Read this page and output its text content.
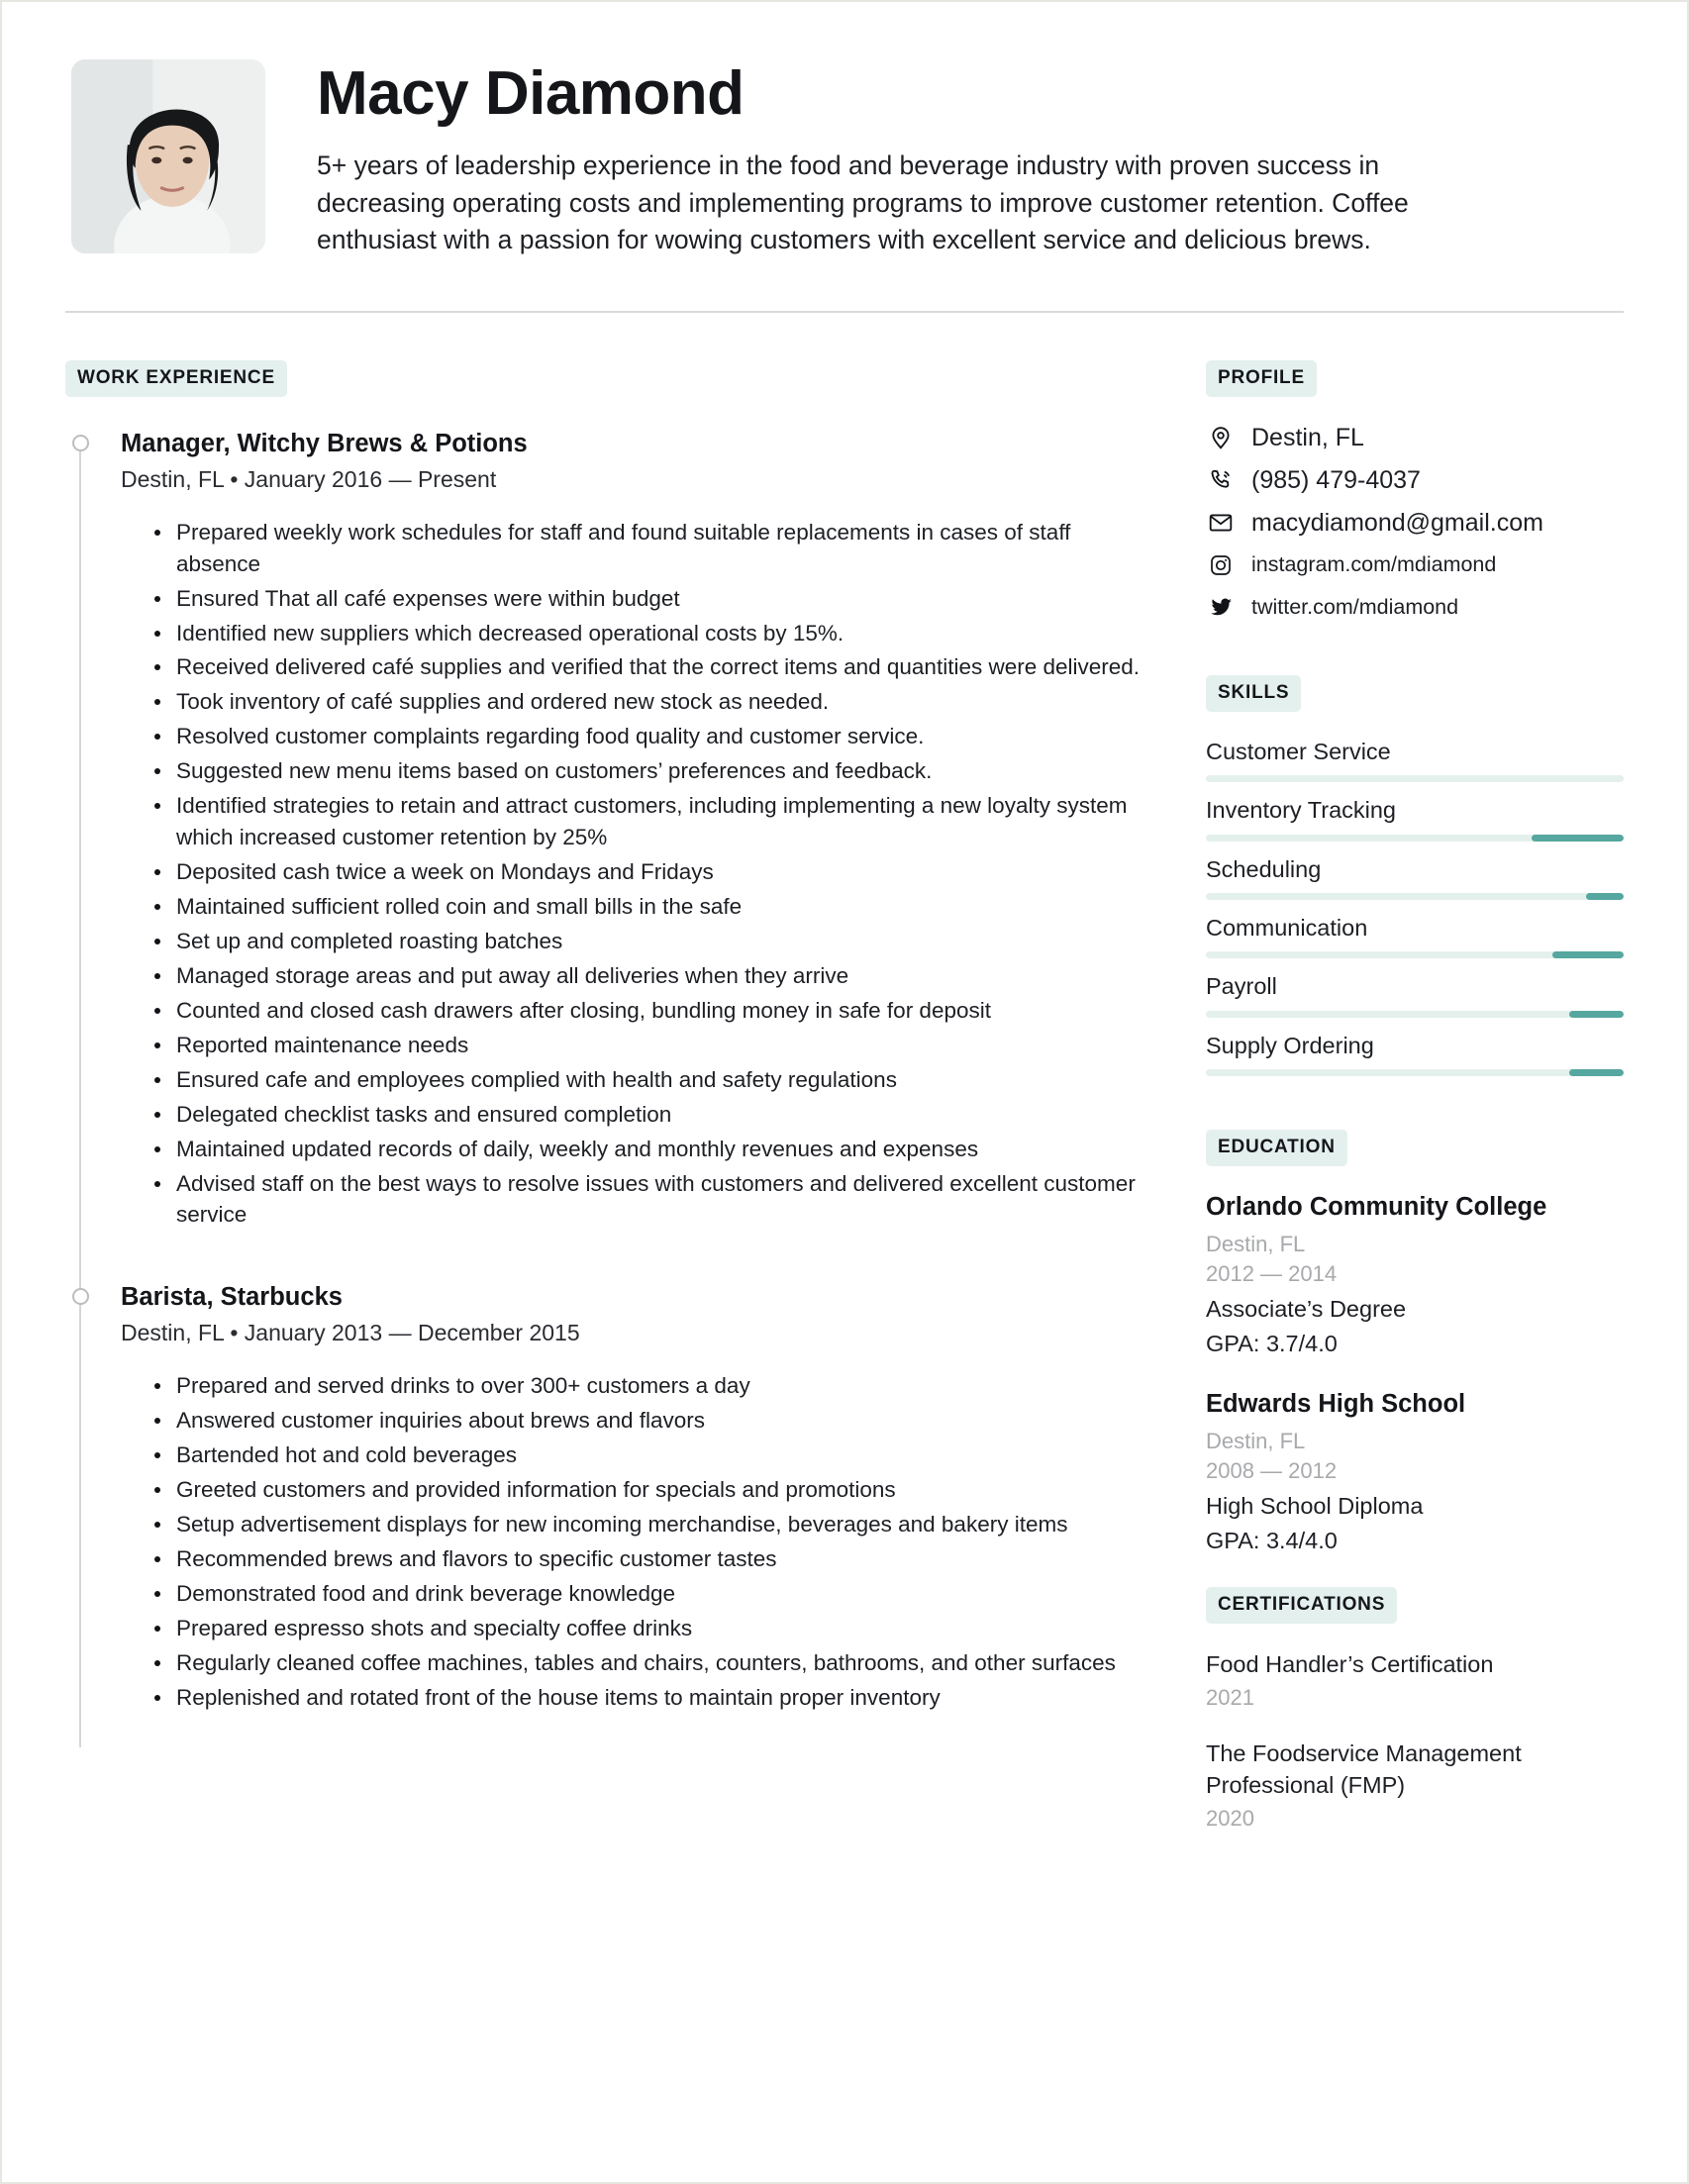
Macy Diamond
5+ years of leadership experience in the food and beverage industry with proven success in decreasing operating costs and implementing programs to improve customer retention. Coffee enthusiast with a passion for wowing customers with excellent service and delicious brews.
WORK EXPERIENCE
Manager, Witchy Brews & Potions
Destin, FL • January 2016 — Present
Prepared weekly work schedules for staff and found suitable replacements in cases of staff absence
Ensured That all café expenses were within budget
Identified new suppliers which decreased operational costs by 15%.
Received delivered café supplies and verified that the correct items and quantities were delivered.
Took inventory of café supplies and ordered new stock as needed.
Resolved customer complaints regarding food quality and customer service.
Suggested new menu items based on customers’ preferences and feedback.
Identified strategies to retain and attract customers, including implementing a new loyalty system which increased customer retention by 25%
Deposited cash twice a week on Mondays and Fridays
Maintained sufficient rolled coin and small bills in the safe
Set up and completed roasting batches
Managed storage areas and put away all deliveries when they arrive
Counted and closed cash drawers after closing, bundling money in safe for deposit
Reported maintenance needs
Ensured cafe and employees complied with health and safety regulations
Delegated checklist tasks and ensured completion
Maintained updated records of daily, weekly and monthly revenues and expenses
Advised staff on the best ways to resolve issues with customers and delivered excellent customer service
Barista, Starbucks
Destin, FL • January 2013 — December 2015
Prepared and served drinks to over 300+ customers a day
Answered customer inquiries about brews and flavors
Bartended hot and cold beverages
Greeted customers and provided information for specials and promotions
Setup advertisement displays for new incoming merchandise, beverages and bakery items
Recommended brews and flavors to specific customer tastes
Demonstrated food and drink beverage knowledge
Prepared espresso shots and specialty coffee drinks
Regularly cleaned coffee machines, tables and chairs, counters, bathrooms, and other surfaces
Replenished and rotated front of the house items to maintain proper inventory
PROFILE
Destin, FL
(985) 479-4037
macydiamond@gmail.com
instagram.com/mdiamond
twitter.com/mdiamond
SKILLS
Customer Service
Inventory Tracking
Scheduling
Communication
Payroll
Supply Ordering
EDUCATION
Orlando Community College
Destin, FL
2012 — 2014
Associate’s Degree
GPA: 3.7/4.0
Edwards High School
Destin, FL
2008 — 2012
High School Diploma
GPA: 3.4/4.0
CERTIFICATIONS
Food Handler’s Certification
2021
The Foodservice Management Professional (FMP)
2020
